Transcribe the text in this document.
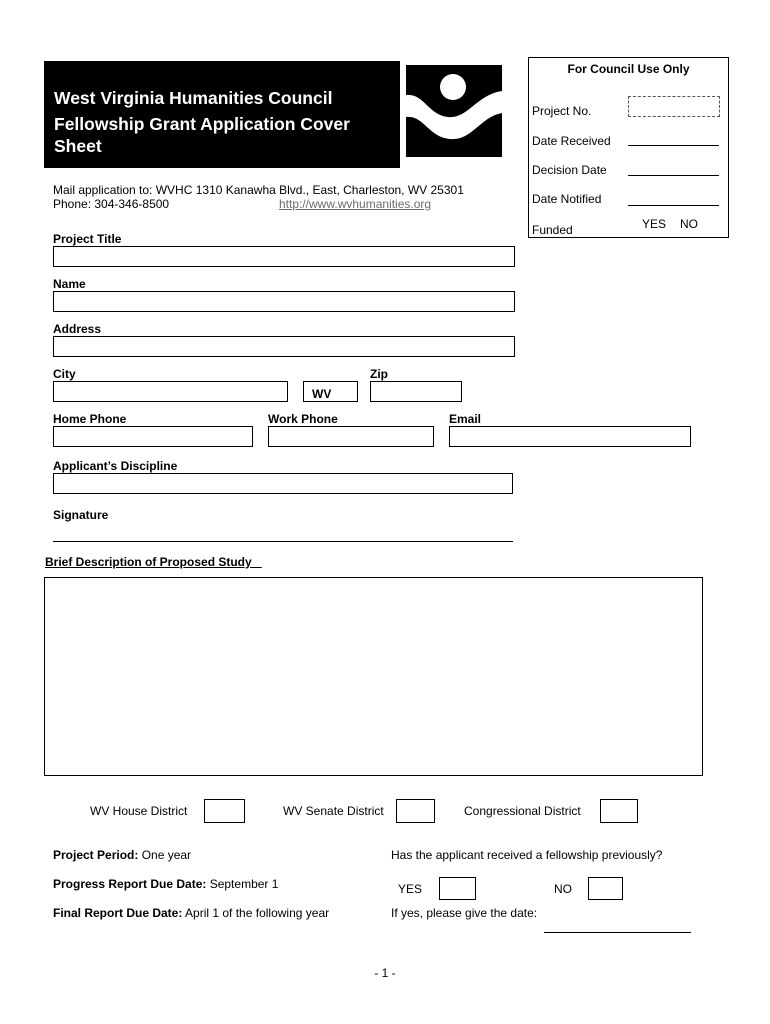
West Virginia Humanities Council
Fellowship Grant Application Cover
Sheet
Mail application to: WVHC 1310 Kanawha Blvd., East, Charleston, WV 25301
Phone: 304-346-8500	http://www.wvhumanities.org
For Council Use Only
Project No.
Date Received
Decision Date
Date Notified
Funded	YES NO
Project Title
Name
Address
City
WV
Zip
Home Phone	Work Phone	Email
Applicant’s Discipline
Signature
Brief Description of Proposed Study
WV House District	WV Senate District	Congressional District
Project Period: One year
Progress Report Due Date: September 1
Final Report Due Date: April 1 of the following year
Has the applicant received a fellowship previously?
YES	NO
If yes, please give the date:
- 1 -
